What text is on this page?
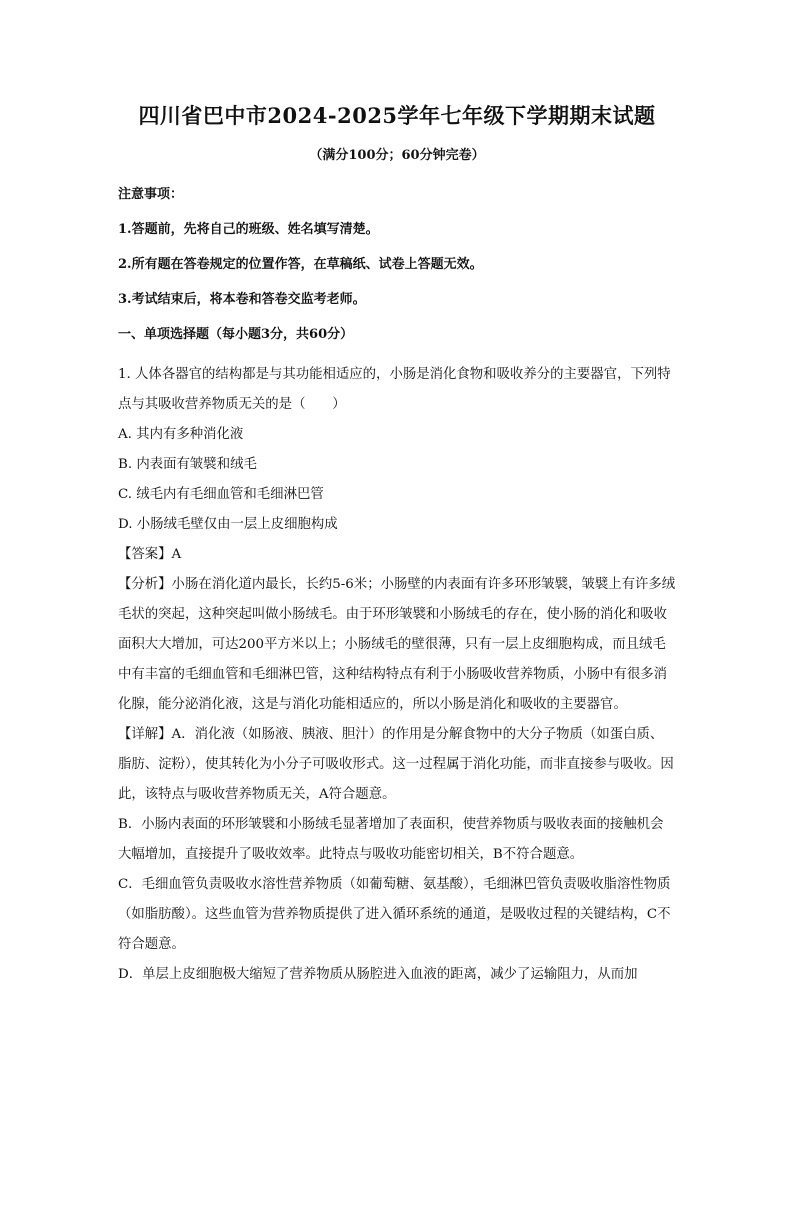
四川省巴中市2024-2025学年七年级下学期期末试题
（满分100分；60分钟完卷）
注意事项：
1.答题前，先将自己的班级、姓名填写清楚。
2.所有题在答卷规定的位置作答，在草稿纸、试卷上答题无效。
3.考试结束后，将本卷和答卷交监考老师。
一、单项选择题（每小题3分，共60分）
1. 人体各器官的结构都是与其功能相适应的，小肠是消化食物和吸收养分的主要器官，下列特点与其吸收营养物质无关的是（　　）
A. 其内有多种消化液
B. 内表面有皱襞和绒毛
C. 绒毛内有毛细血管和毛细淋巴管
D. 小肠绒毛壁仅由一层上皮细胞构成
【答案】A
【分析】小肠在消化道内最长，长约5-6米；小肠壁的内表面有许多环形皱襞，皱襞上有许多绒毛状的突起，这种突起叫做小肠绒毛。由于环形皱襞和小肠绒毛的存在，使小肠的消化和吸收面积大大增加，可达200平方米以上；小肠绒毛的壁很薄，只有一层上皮细胞构成，而且绒毛中有丰富的毛细血管和毛细淋巴管，这种结构特点有利于小肠吸收营养物质，小肠中有很多消化腺，能分泌消化液，这是与消化功能相适应的，所以小肠是消化和吸收的主要器官。
【详解】A．消化液（如肠液、胰液、胆汁）的作用是分解食物中的大分子物质（如蛋白质、脂肪、淀粉），使其转化为小分子可吸收形式。这一过程属于消化功能，而非直接参与吸收。因此，该特点与吸收营养物质无关，A符合题意。
B．小肠内表面的环形皱襞和小肠绒毛显著增加了表面积，使营养物质与吸收表面的接触机会大幅增加，直接提升了吸收效率。此特点与吸收功能密切相关，B不符合题意。
C．毛细血管负责吸收水溶性营养物质（如葡萄糖、氨基酸），毛细淋巴管负责吸收脂溶性物质（如脂肪酸）。这些血管为营养物质提供了进入循环系统的通道，是吸收过程的关键结构，C不符合题意。
D．单层上皮细胞极大缩短了营养物质从肠腔进入血液的距离，减少了运输阻力，从而加
